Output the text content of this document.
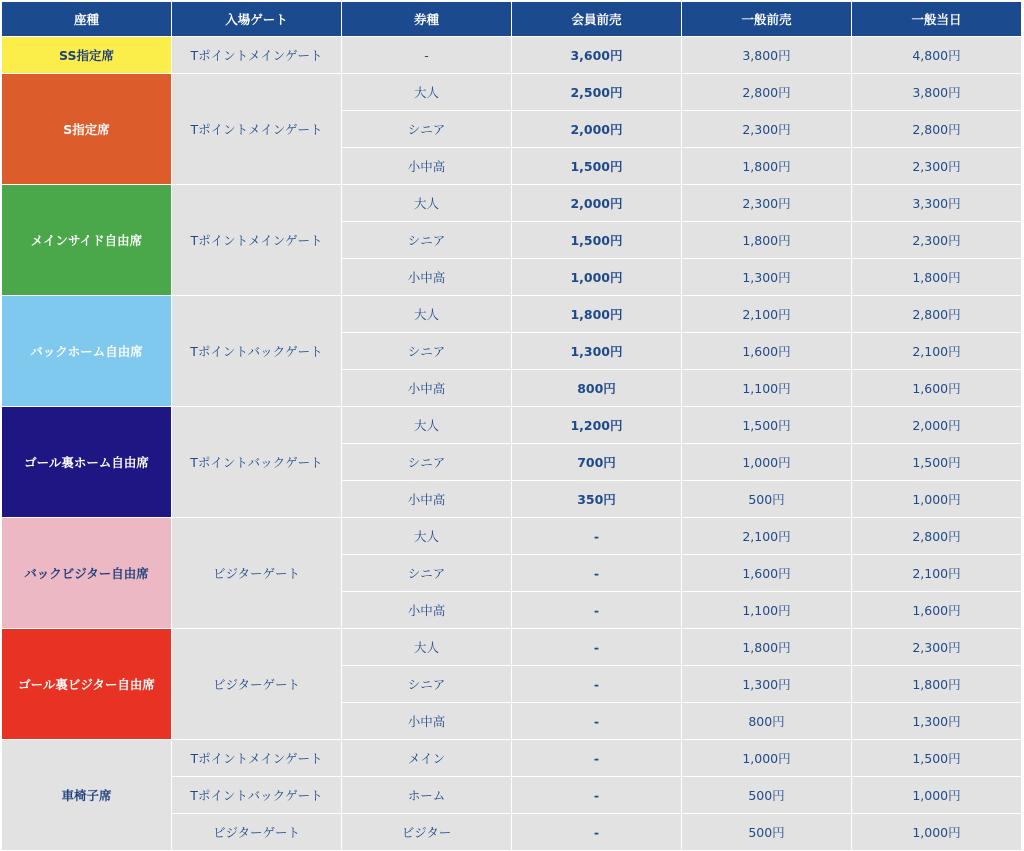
座種	入場ゲート	券種	会員前売	一般前売	一般当日
SS指定席	Tポイントメインゲート	-	3,600円	3,800円	4,800円
S指定席	Tポイントメインゲート	大人	2,500円	2,800円	3,800円
		シニア	2,000円	2,300円	2,800円
		小中高	1,500円	1,800円	2,300円
メインサイド自由席	Tポイントメインゲート	大人	2,000円	2,300円	3,300円
		シニア	1,500円	1,800円	2,300円
		小中高	1,000円	1,300円	1,800円
バックホーム自由席	Tポイントバックゲート	大人	1,800円	2,100円	2,800円
		シニア	1,300円	1,600円	2,100円
		小中高	800円	1,100円	1,600円
ゴール裏ホーム自由席	Tポイントバックゲート	大人	1,200円	1,500円	2,000円
		シニア	700円	1,000円	1,500円
		小中高	350円	500円	1,000円
バックビジター自由席	ビジターゲート	大人	-	2,100円	2,800円
		シニア	-	1,600円	2,100円
		小中高	-	1,100円	1,600円
ゴール裏ビジター自由席	ビジターゲート	大人	-	1,800円	2,300円
		シニア	-	1,300円	1,800円
		小中高	-	800円	1,300円
車椅子席	Tポイントメインゲート	メイン	-	1,000円	1,500円
	Tポイントバックゲート	ホーム	-	500円	1,000円
	ビジターゲート	ビジター	-	500円	1,000円
